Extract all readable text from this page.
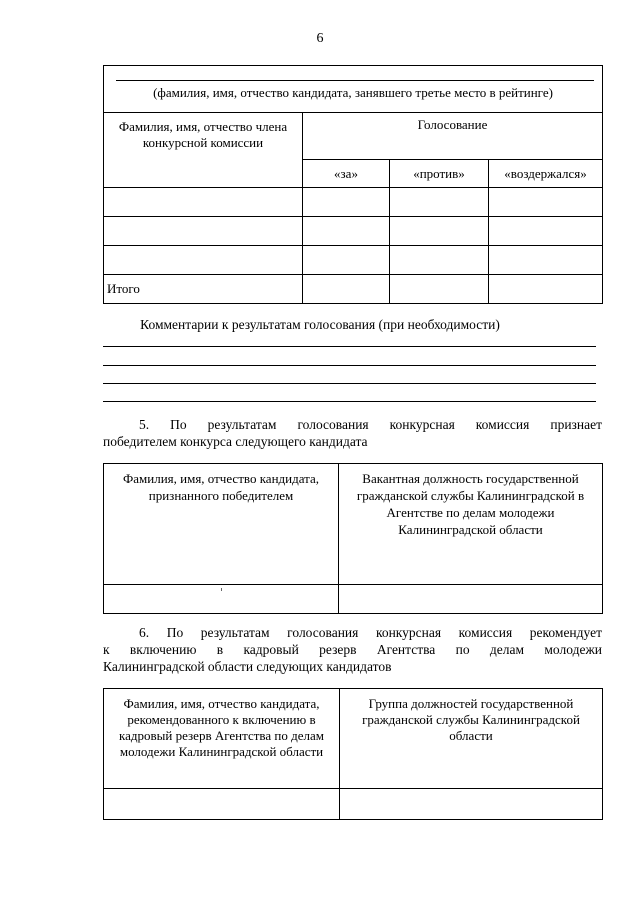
6
(фамилия, имя, отчество кандидата, занявшего третье место в рейтинге)			

Фамилия, имя, отчество члена конкурсной комиссии	Голосование		
	«за»	«против»	«воздержался»

Итого			
Комментарии к результатам голосования (при необходимости)
5. По результатам голосования конкурсная комиссия признает
победителем конкурса следующего кандидата
Фамилия, имя, отчество кандидата, признанного победителем	Вакантная должность государственной гражданской службы Калининградской в Агентстве по делам молодежи Калининградской области

6. По результатам голосования конкурсная комиссия рекомендует
к включению в кадровый резерв Агентства по делам молодежи
Калининградской области следующих кандидатов
Фамилия, имя, отчество кандидата, рекомендованного к включению в кадровый резерв Агентства по делам молодежи Калининградской области	Группа должностей государственной гражданской службы Калининградской области
